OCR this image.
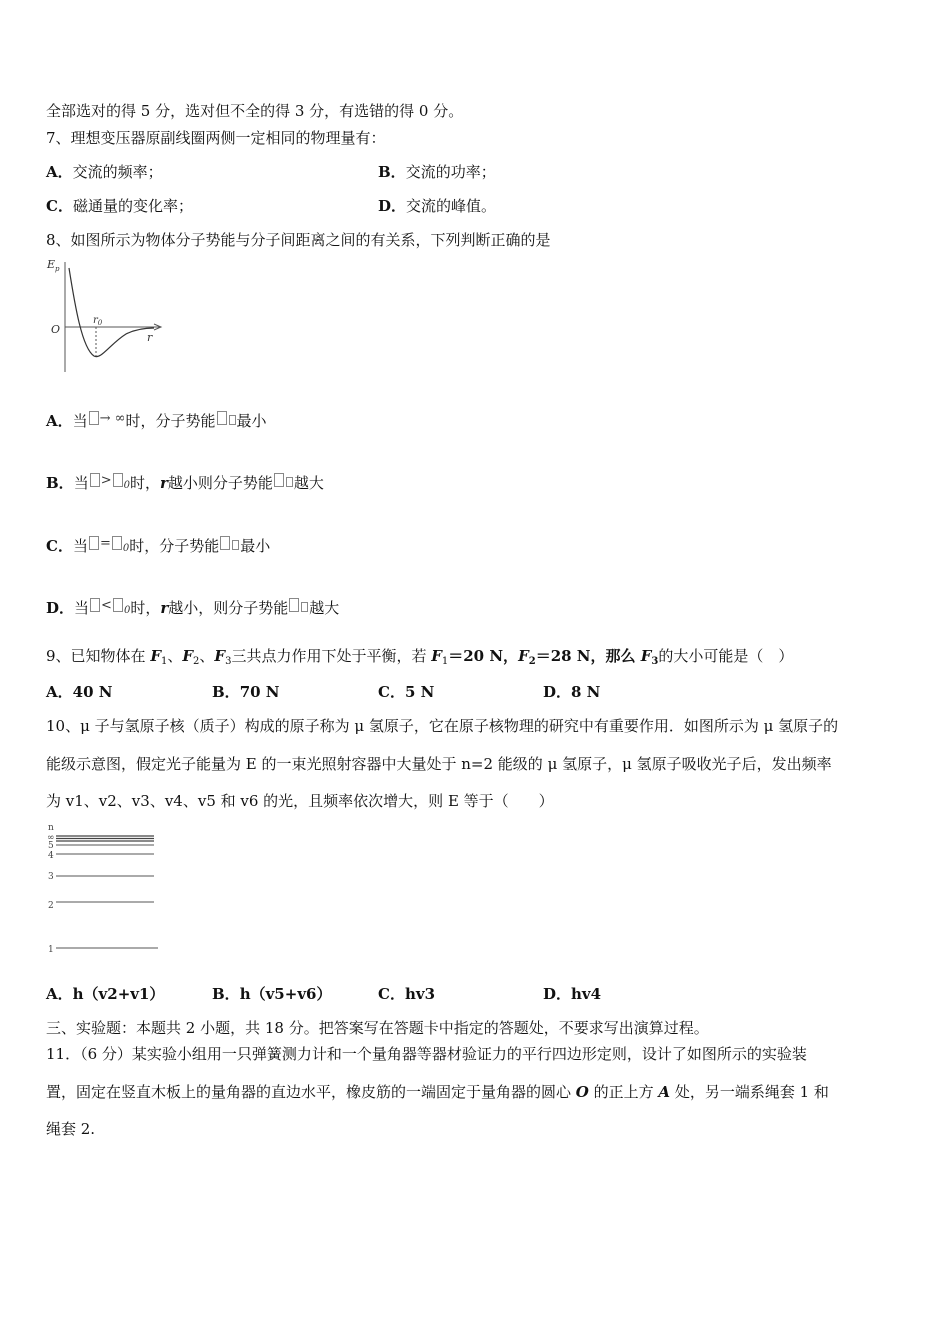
全部选对的得 5 分，选对但不全的得 3 分，有选错的得 0 分。
7、理想变压器原副线圈两侧一定相同的物理量有：
A．交流的频率；	B．交流的功率；
C．磁通量的变化率；	D．交流的峰值。
8、如图所示为物体分子势能与分子间距离之间的有关系，下列判断正确的是
$E_p$
O
$r_0$
r
A．当 → ∞时，分子势能 最小
B．当 > 0时，r越小则分子势能 越大
C．当 = 0时，分子势能 最小
D．当 < 0时，r越小，则分子势能 越大
9、已知物体在 $F_1$、$F_2$、$F_3$三共点力作用下处于平衡，若 $F_1=20$ N，$F_2=28$ N，那么 $F_3$的大小可能是（　）
A．40 N	B．70 N	C．5 N	D．8 N
10、μ 子与氢原子核（质子）构成的原子称为 μ 氢原子，它在原子核物理的研究中有重要作用．如图所示为 μ 氢原子的
能级示意图，假定光子能量为 E 的一束光照射容器中大量处于 n=2 能级的 μ 氢原子，μ 氢原子吸收光子后，发出频率
为 v1、v2、v3、v4、v5 和 v6 的光，且频率依次增大，则 E 等于（　　）
n
∞
5
4
3
2
1
A．h（v2+v1）	B．h（v5+v6）	C．hv3	D．hv4
三、实验题：本题共 2 小题，共 18 分。把答案写在答题卡中指定的答题处，不要求写出演算过程。
11．（6 分）某实验小组用一只弹簧测力计和一个量角器等器材验证力的平行四边形定则，设计了如图所示的实验装
置，固定在竖直木板上的量角器的直边水平，橡皮筋的一端固定于量角器的圆心 O 的正上方 A 处，另一端系绳套 1 和
绳套 2.
